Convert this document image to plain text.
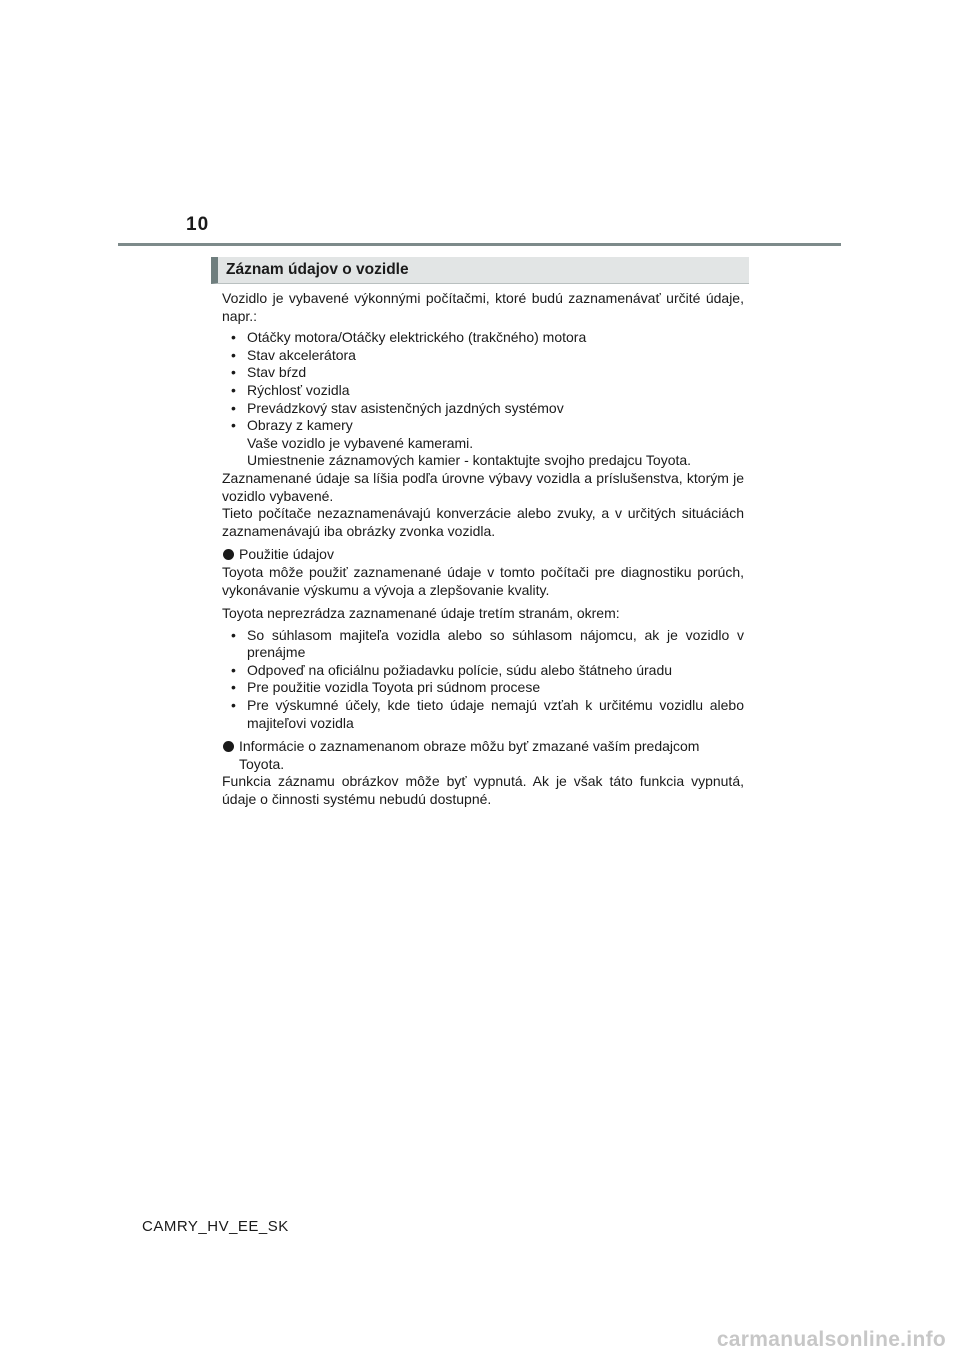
10
Záznam údajov o vozidle

Vozidlo je vybavené výkonnými počítačmi, ktoré budú zaznamenávať určité údaje, napr.:

• Otáčky motora/Otáčky elektrického (trakčného) motora
• Stav akcelerátora
• Stav bŕzd
• Rýchlosť vozidla
• Prevádzkový stav asistenčných jazdných systémov
• Obrazy z kamery
Vaše vozidlo je vybavené kamerami.
Umiestnenie záznamových kamier - kontaktujte svojho predajcu Toyota.

Zaznamenané údaje sa líšia podľa úrovne výbavy vozidla a príslušenstva, ktorým je vozidlo vybavené.

Tieto počítače nezaznamenávajú konverzácie alebo zvuky, a v určitých situáciách zaznamenávajú iba obrázky zvonka vozidla.

Použitie údajov

Toyota môže použiť zaznamenané údaje v tomto počítači pre diagnostiku porúch, vykonávanie výskumu a vývoja a zlepšovanie kvality.

Toyota neprezrádza zaznamenané údaje tretím stranám, okrem:

• So súhlasom majiteľa vozidla alebo so súhlasom nájomcu, ak je vozidlo v prenájme
• Odpoveď na oficiálnu požiadavku polície, súdu alebo štátneho úradu
• Pre použitie vozidla Toyota pri súdnom procese
• Pre výskumné účely, kde tieto údaje nemajú vzťah k určitému vozidlu alebo majiteľovi vozidla
Informácie o zaznamenanom obraze môžu byť zmazané vaším predajcom Toyota.

Funkcia záznamu obrázkov môže byť vypnutá. Ak je však táto funkcia vypnutá, údaje o činnosti systému nebudú dostupné.

CAMRY_HV_EE_SK
carmanualsonline.info
